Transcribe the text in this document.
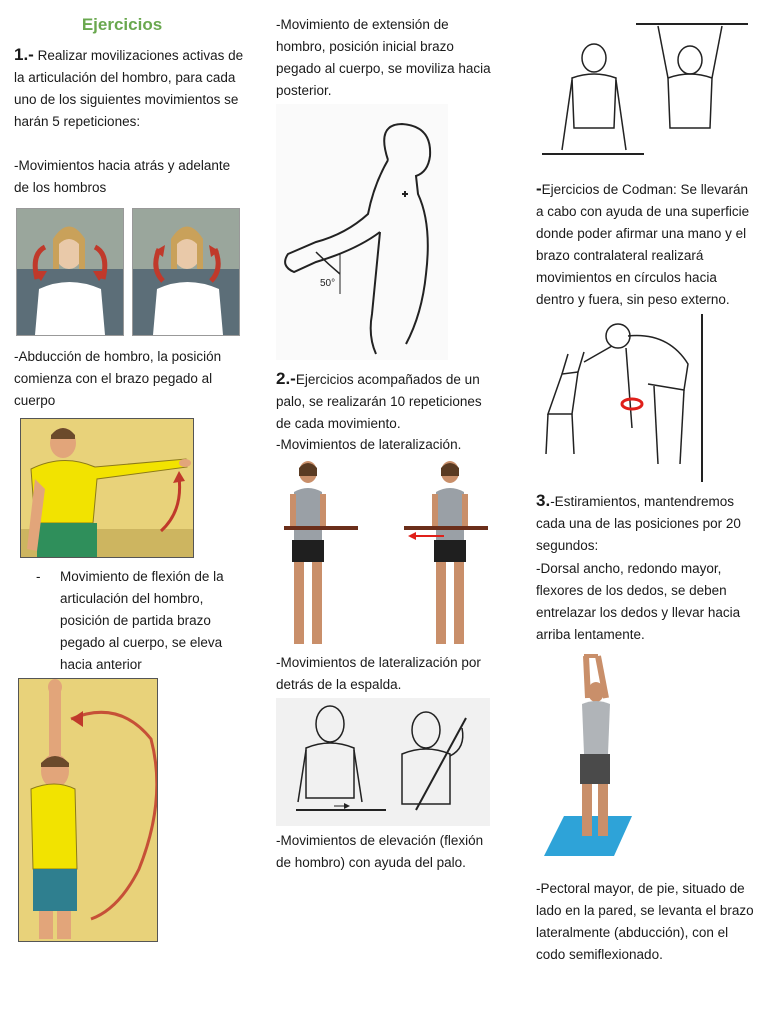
Ejercicios

1.- Realizar movilizaciones activas de la articulación del hombro, para cada uno de los siguientes movimientos se harán 5 repeticiones:

-Movimientos hacia atrás y adelante de los hombros

-Abducción de hombro, la posición comienza con el brazo pegado al cuerpo

-	Movimiento de flexión de la articulación del hombro, posición de partida brazo pegado al cuerpo, se eleva hacia anterior

-Movimiento de extensión de hombro, posición inicial brazo pegado al cuerpo, se moviliza hacia posterior.

50°

2.-Ejercicios acompañados de un palo, se realizarán 10 repeticiones de cada movimiento.

-Movimientos de lateralización.

-Movimientos de lateralización por detrás de la espalda.

-Movimientos de elevación (flexión de hombro) con ayuda del palo.

-Ejercicios de Codman: Se llevarán a cabo con ayuda de una superficie donde poder afirmar una mano y el brazo contralateral realizará movimientos en círculos hacia dentro y fuera, sin peso externo.

3.-Estiramientos, mantendremos cada una de las posiciones por 20 segundos:

-Dorsal ancho, redondo mayor, flexores de los dedos, se deben entrelazar los dedos y llevar hacia arriba lentamente.

-Pectoral mayor, de pie, situado de lado en la pared, se levanta el brazo lateralmente (abducción), con el codo semiflexionado.
